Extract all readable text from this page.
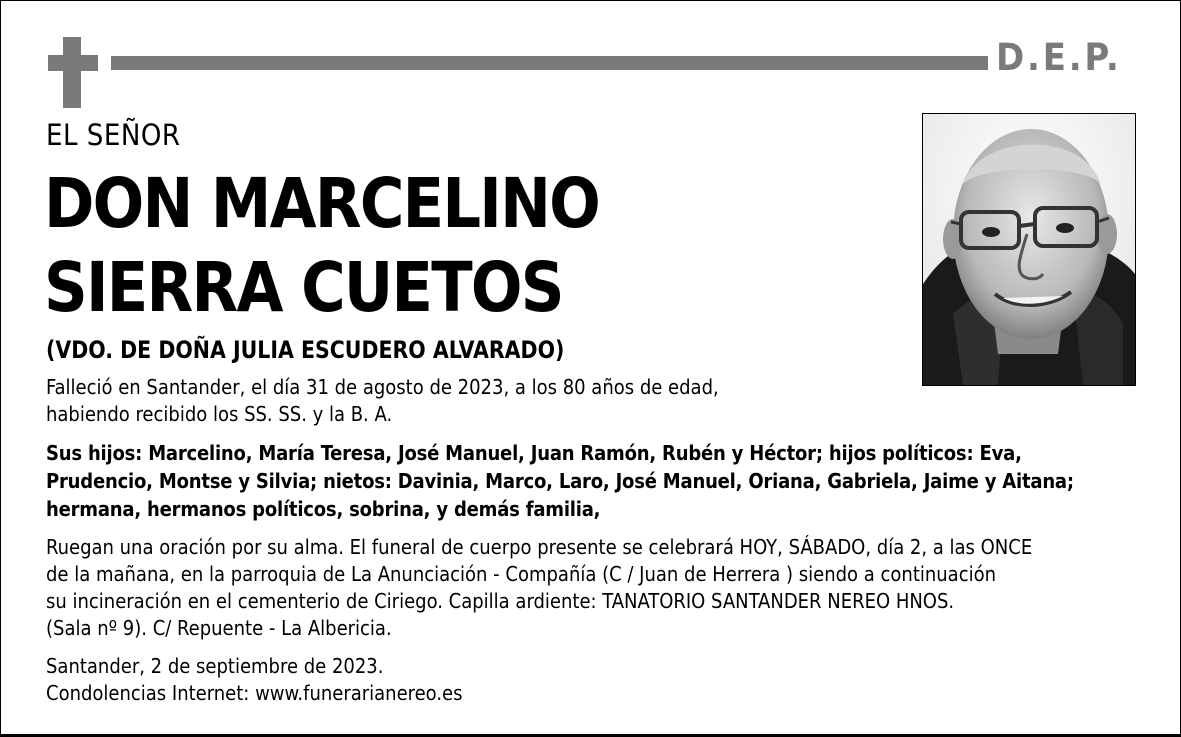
D.E.P.
EL SEÑOR
DON MARCELINO
SIERRA CUETOS
(VDO. DE DOÑA JULIA ESCUDERO ALVARADO)
Falleció en Santander, el día 31 de agosto de 2023, a los 80 años de edad,
habiendo recibido los SS. SS. y la B. A.
Sus hijos: Marcelino, María Teresa, José Manuel, Juan Ramón, Rubén y Héctor; hijos políticos: Eva,
Prudencio, Montse y Silvia; nietos: Davinia, Marco, Laro, José Manuel, Oriana, Gabriela, Jaime y Aitana;
hermana, hermanos políticos, sobrina, y demás familia,
Ruegan una oración por su alma. El funeral de cuerpo presente se celebrará HOY, SÁBADO, día 2, a las ONCE
de la mañana, en la parroquia de La Anunciación - Compañía (C / Juan de Herrera ) siendo a continuación
su incineración en el cementerio de Ciriego. Capilla ardiente: TANATORIO SANTANDER NEREO HNOS.
(Sala nº 9). C/ Repuente - La Albericia.
Santander, 2 de septiembre de 2023.
Condolencias Internet: www.funerarianereo.es
